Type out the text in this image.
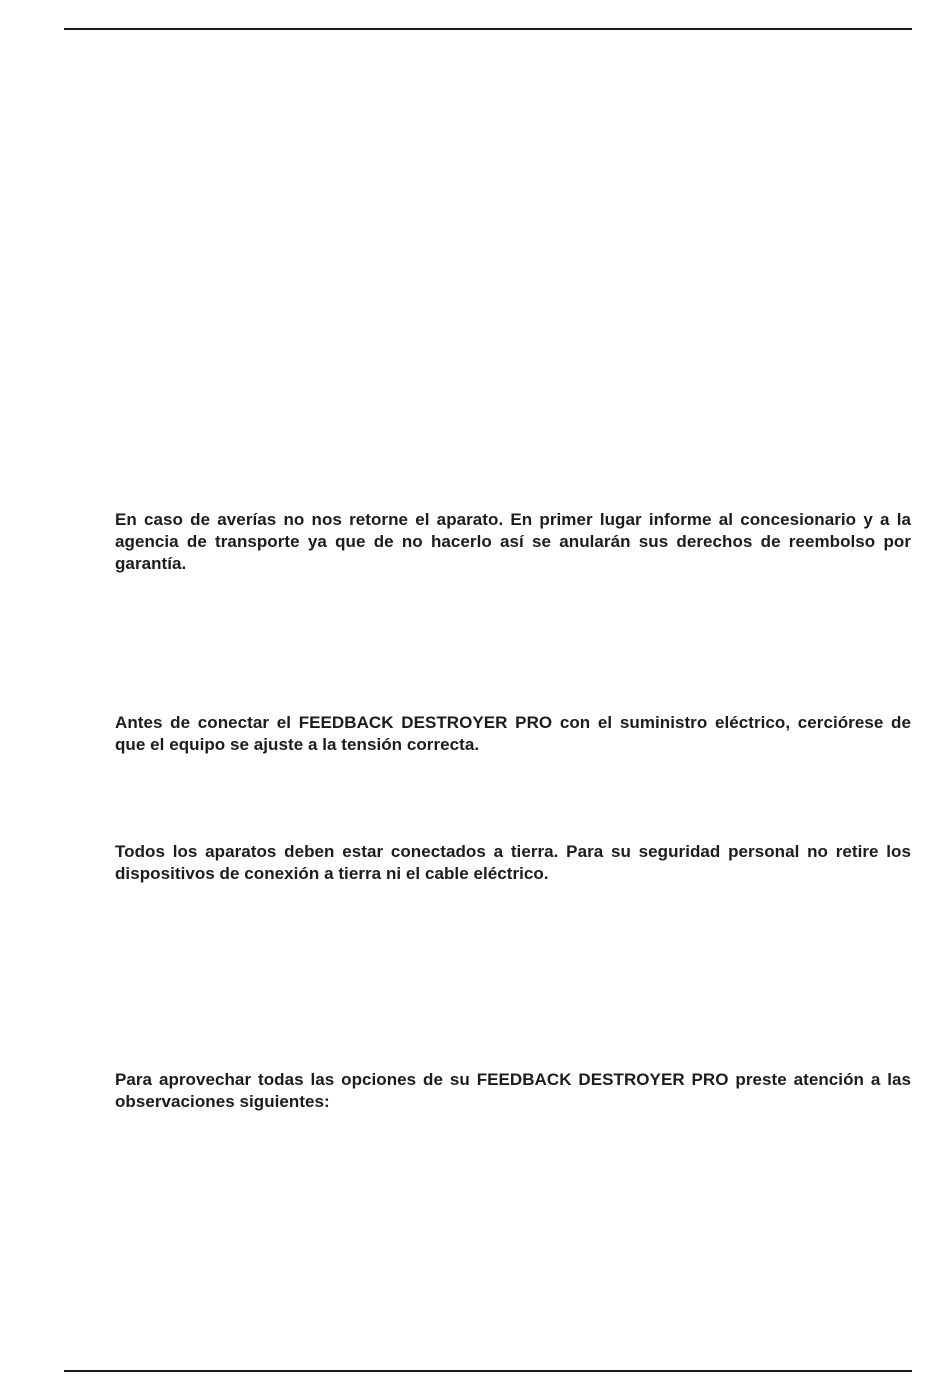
En caso de averías no nos retorne el aparato. En primer lugar informe al concesionario y a la agencia de transporte ya que de no hacerlo así se anularán sus derechos de reembolso por garantía.

Antes de conectar el FEEDBACK DESTROYER PRO con el suministro eléctrico, cerciórese de que el equipo se ajuste a la tensión correcta.

Todos los aparatos deben estar conectados a tierra. Para su seguridad personal no retire los dispositivos de conexión a tierra ni el cable eléctrico.

Para aprovechar todas las opciones de su FEEDBACK DESTROYER PRO preste atención a las observaciones siguientes:
